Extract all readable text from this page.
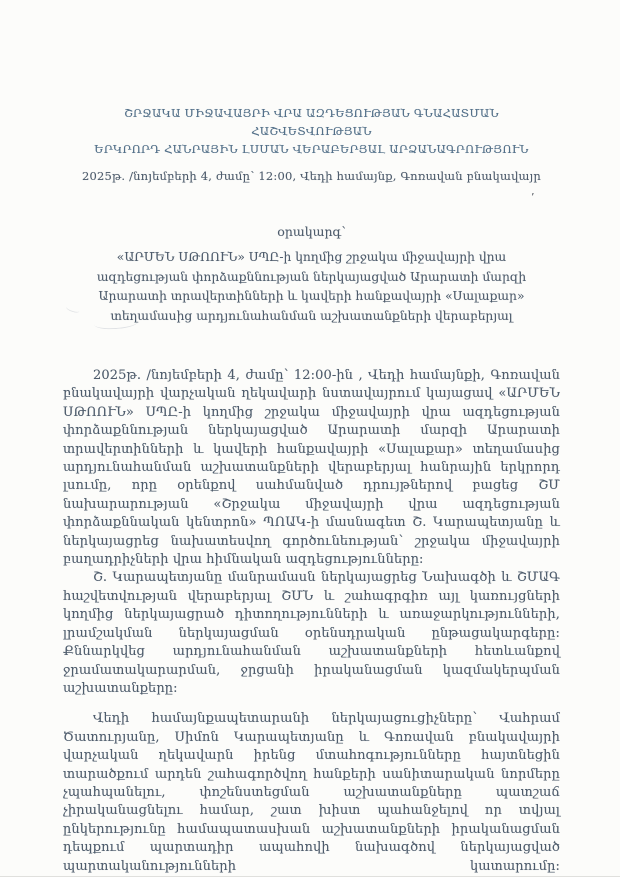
ՇՐՋԱԿԱ ՄԻՋԱՎԱՅՐԻ ՎՐԱ ԱԶԴԵՑՈՒԹՅԱՆ ԳՆԱՀԱՏՄԱՆ ՀԱՇՎԵՏՎՈՒԹՅԱՆ
ԵՐԿՐՈՐԴ ՀԱՆՐԱՅԻՆ ԼՍՄԱՆ ՎԵՐԱԲԵՐՅԱԼ ԱՐՁԱՆԱԳՐՈՒԹՅՈՒՆ
2025թ. /նոյեմբերի 4, ժամը՝ 12:00, Վեդի համայնք, Գոռավան բնակավայր
օրակարգ՝
«ԱՐՄԵՆ ՍԹՈՈՒՆ» ՍՊԸ-ի կողմից շրջակա միջավայրի վրա ազդեցության փորձաքննության ներկայացված Արարատի մարզի Արարատի տրավերտինների և կավերի հանքավայրի «Սալաքար» տեղամասից արդյունահանման աշխատանքների վերաբերյալ

2025թ. /նոյեմբերի 4, ժամը՝ 12:00-ին , Վեդի համայնքի, Գոռավան բնակավայրի վարչական ղեկավարի նստավայրում կայացավ «ԱՐՄԵՆ ՍԹՈՈՒՆ» ՍՊԸ-ի կողմից շրջակա միջավայրի վրա ազդեցության փորձաքննության ներկայացված Արարատի մարզի Արարատի տրավերտինների և կավերի հանքավայրի «Սալաքար» տեղամասից արդյունահանման աշխատանքների վերաբերյալ հանրային երկրորդ լսումը, որը օրենքով սահմանված դրույթներով բացեց ՇՄ նախարարության «Շրջակա միջավայրի վրա ազդեցության փորձաքննական կենտրոն» ՊՈԱԿ-ի մասնագետ Շ. Կարապետյանը և ներկայացրեց նախատեսվող գործունեության՝ շրջակա միջավայրի բաղադրիչների վրա հիմնական ազդեցությունները:

Շ. Կարապետյանը մանրամասն ներկայացրեց Նախագծի և ՇՄԱԳ հաշվետվության վերաբերյալ ՇՄՆ և շահագրգիռ այլ կառույցների կողմից ներկայացրած դիտողությունների և առաջարկությունների, լրամշակման ներկայացման օրենսդրական ընթացակարգերը: Քննարկվեց արդյունահանման աշխատանքների հետևանքով ջրամատակարարման, ջրցանի իրականացման կազմակերպման աշխատանքերը:

Վեդի համայնքապետարանի ներկայացուցիչները՝ Վահրամ Ծատուրյանը, Սիմոն Կարապետյանը և Գոռավան բնակավայրի վարչական ղեկավարն իրենց մտահոգությունները հայտնեցին տարածքում արդեն շահագործվող հանքերի սանիտարական նորմերը չպահպանելու, փոշենստեցման աշխատանքները պատշաճ չիրականացնելու համար, շատ խիստ պահանջելով որ տվյալ ընկերությունը համապատասխան աշխատանքների իրականացման դեպքում պարտադիր ապահովի նախագծով ներկայացված պարտականությունների կատարումը:

’
